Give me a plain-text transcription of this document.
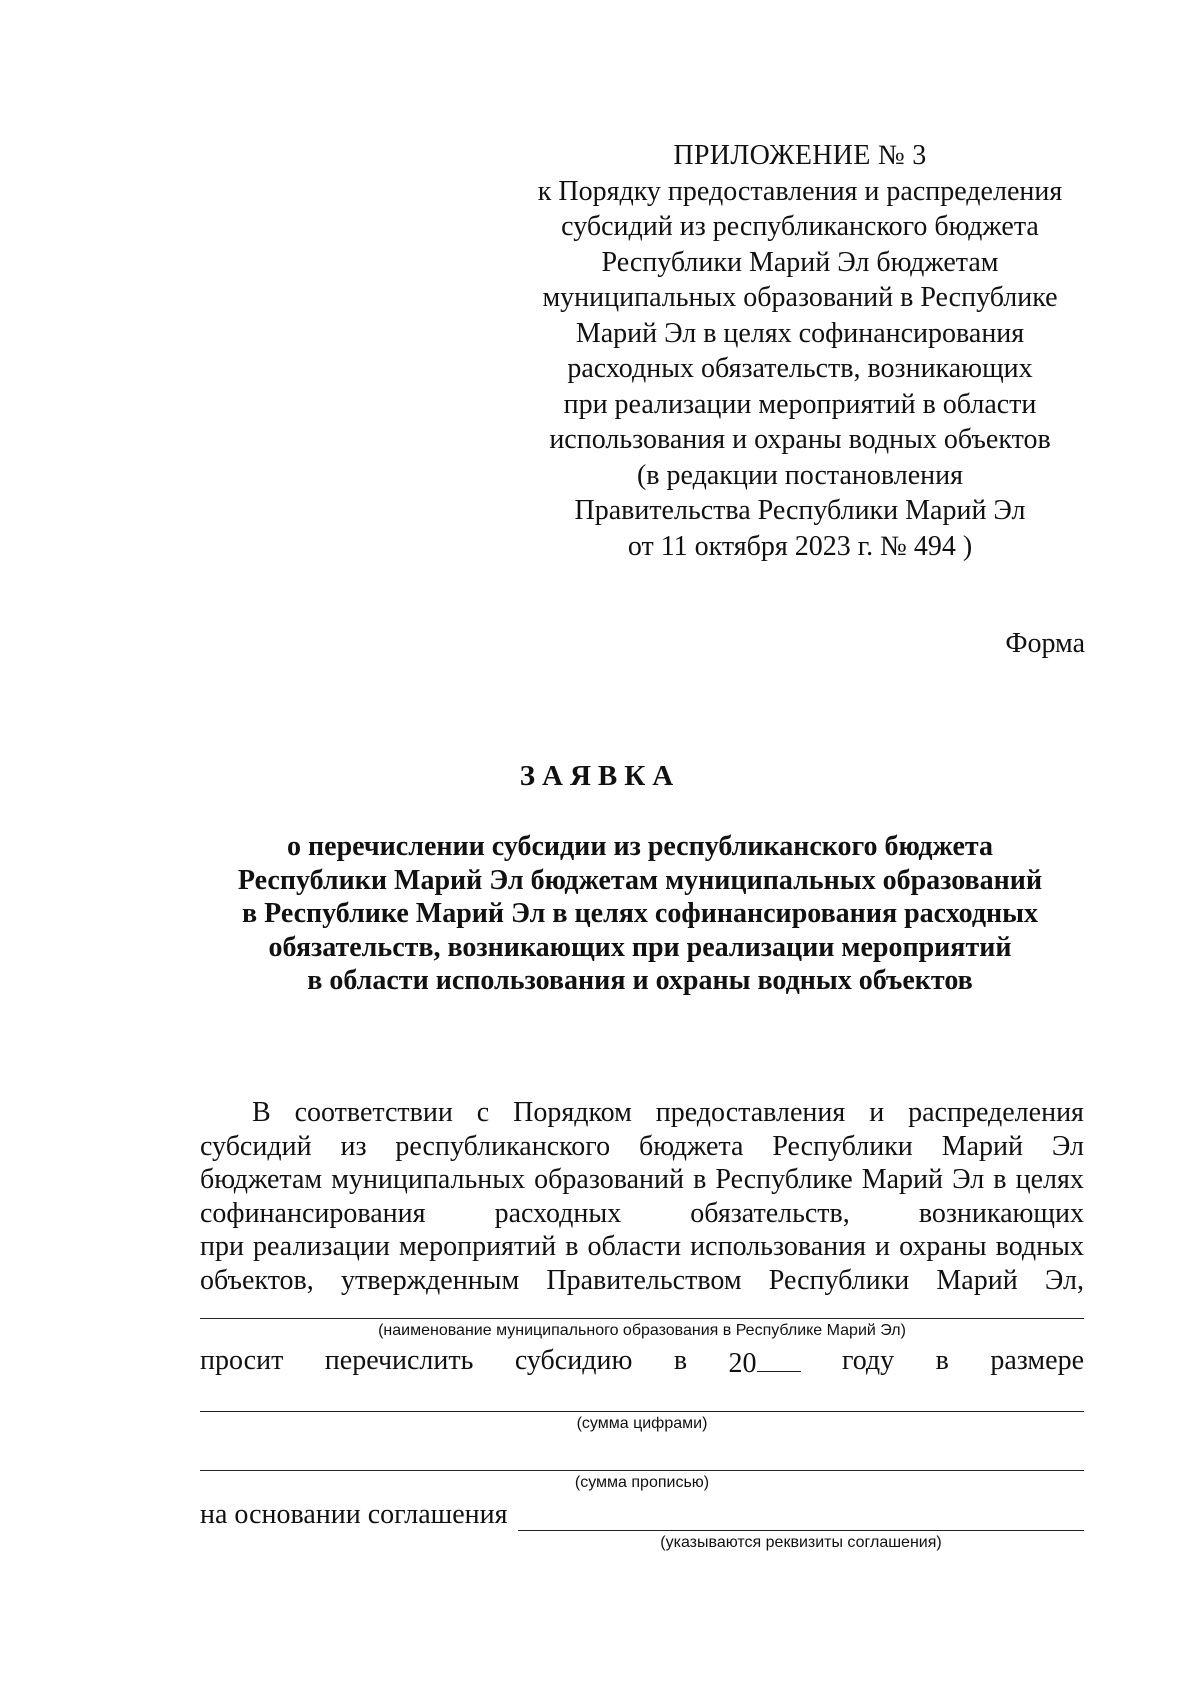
ПРИЛОЖЕНИЕ № 3
к Порядку предоставления и распределения
субсидий из республиканского бюджета
Республики Марий Эл бюджетам
муниципальных образований в Республике
Марий Эл в целях софинансирования
расходных обязательств, возникающих
при реализации мероприятий в области
использования и охраны водных объектов
(в редакции постановления
Правительства Республики Марий Эл
от 11 октября 2023 г. № 494 )
Форма
ЗАЯВКА
о перечислении субсидии из республиканского бюджета
Республики Марий Эл бюджетам муниципальных образований
в Республике Марий Эл в целях софинансирования расходных
обязательств, возникающих при реализации мероприятий
в области использования и охраны водных объектов
В соответствии с Порядком предоставления и распределения
субсидий из республиканского бюджета Республики Марий Эл
бюджетам муниципальных образований в Республике Марий Эл в целях
софинансирования расходных обязательств, возникающих
при реализации мероприятий в области использования и охраны водных
объектов, утвержденным Правительством Республики Марий Эл,
(наименование муниципального образования в Республике Марий Эл)
просит перечислить субсидию в 20	году в размере
(сумма цифрами)
(сумма прописью)
на основании соглашения
(указываются реквизиты соглашения)
